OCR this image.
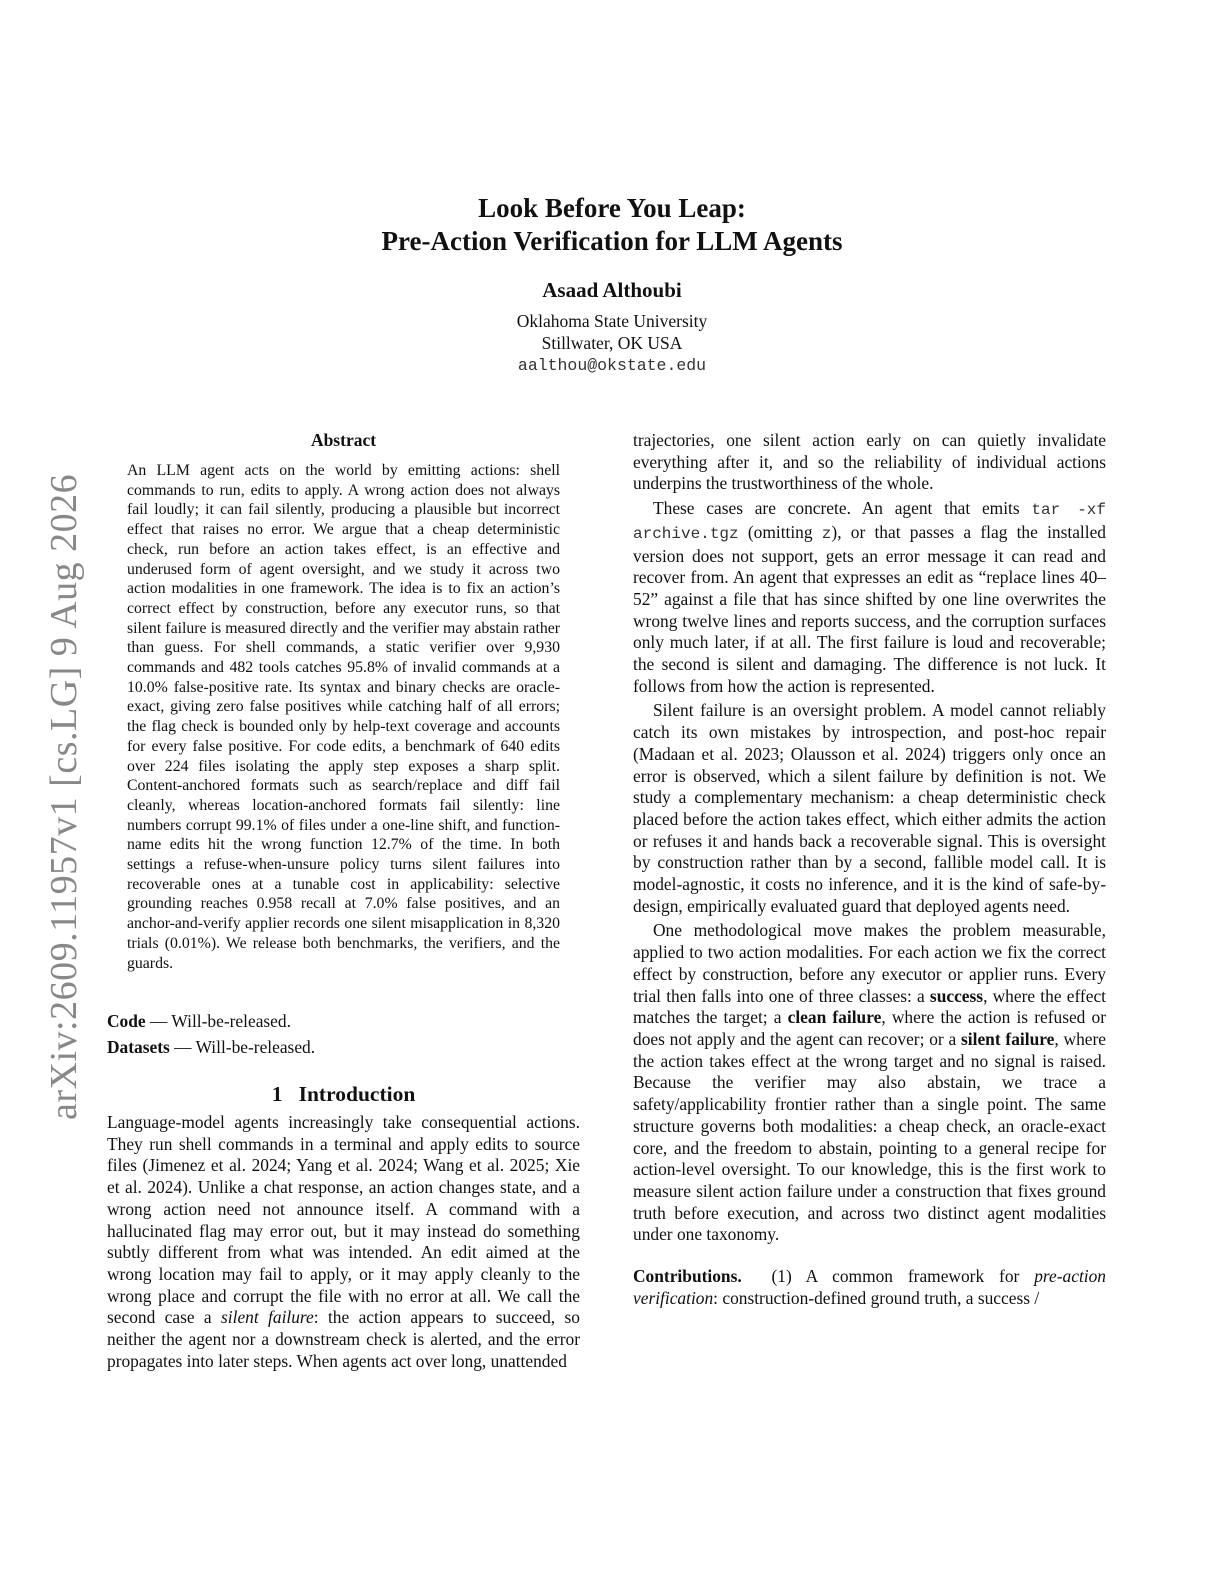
arXiv:2609.11957v1 [cs.LG] 9 Aug 2026
Look Before You Leap:
Pre-Action Verification for LLM Agents
Asaad Althoubi
Oklahoma State University
Stillwater, OK USA
aalthou@okstate.edu
Abstract
An LLM agent acts on the world by emitting actions: shell commands to run, edits to apply. A wrong action does not always fail loudly; it can fail silently, producing a plausible but incorrect effect that raises no error. We argue that a cheap deterministic check, run before an action takes effect, is an effective and underused form of agent oversight, and we study it across two action modalities in one framework. The idea is to fix an action’s correct effect by construction, before any executor runs, so that silent failure is measured directly and the verifier may abstain rather than guess. For shell commands, a static verifier over 9,930 commands and 482 tools catches 95.8% of invalid commands at a 10.0% false-positive rate. Its syntax and binary checks are oracle-exact, giving zero false positives while catching half of all errors; the flag check is bounded only by help-text coverage and accounts for every false positive. For code edits, a benchmark of 640 edits over 224 files isolating the apply step exposes a sharp split. Content-anchored formats such as search/replace and diff fail cleanly, whereas location-anchored formats fail silently: line numbers corrupt 99.1% of files under a one-line shift, and function-name edits hit the wrong function 12.7% of the time. In both settings a refuse-when-unsure policy turns silent failures into recoverable ones at a tunable cost in applicability: selective grounding reaches 0.958 recall at 7.0% false positives, and an anchor-and-verify applier records one silent misapplication in 8,320 trials (0.01%). We release both benchmarks, the verifiers, and the guards.
Code — Will-be-released.
Datasets — Will-be-released.
1 Introduction

Language-model agents increasingly take consequential actions. They run shell commands in a terminal and apply edits to source files (Jimenez et al. 2024; Yang et al. 2024; Wang et al. 2025; Xie et al. 2024). Unlike a chat response, an action changes state, and a wrong action need not announce itself. A command with a hallucinated flag may error out, but it may instead do something subtly different from what was intended. An edit aimed at the wrong location may fail to apply, or it may apply cleanly to the wrong place and corrupt the file with no error at all. We call the second case a silent failure: the action appears to succeed, so neither the agent nor a downstream check is alerted, and the error propagates into later steps. When agents act over long, unattended

trajectories, one silent action early on can quietly invalidate everything after it, and so the reliability of individual actions underpins the trustworthiness of the whole.

These cases are concrete. An agent that emits tar -xf archive.tgz (omitting z), or that passes a flag the installed version does not support, gets an error message it can read and recover from. An agent that expresses an edit as “replace lines 40–52” against a file that has since shifted by one line overwrites the wrong twelve lines and reports success, and the corruption surfaces only much later, if at all. The first failure is loud and recoverable; the second is silent and damaging. The difference is not luck. It follows from how the action is represented.

Silent failure is an oversight problem. A model cannot reliably catch its own mistakes by introspection, and post-hoc repair (Madaan et al. 2023; Olausson et al. 2024) triggers only once an error is observed, which a silent failure by definition is not. We study a complementary mechanism: a cheap deterministic check placed before the action takes effect, which either admits the action or refuses it and hands back a recoverable signal. This is oversight by construction rather than by a second, fallible model call. It is model-agnostic, it costs no inference, and it is the kind of safe-by-design, empirically evaluated guard that deployed agents need.

One methodological move makes the problem measurable, applied to two action modalities. For each action we fix the correct effect by construction, before any executor or applier runs. Every trial then falls into one of three classes: a success, where the effect matches the target; a clean failure, where the action is refused or does not apply and the agent can recover; or a silent failure, where the action takes effect at the wrong target and no signal is raised. Because the verifier may also abstain, we trace a safety/applicability frontier rather than a single point. The same structure governs both modalities: a cheap check, an oracle-exact core, and the freedom to abstain, pointing to a general recipe for action-level oversight. To our knowledge, this is the first work to measure silent action failure under a construction that fixes ground truth before execution, and across two distinct agent modalities under one taxonomy.

Contributions.  (1) A common framework for pre-action verification: construction-defined ground truth, a success /
